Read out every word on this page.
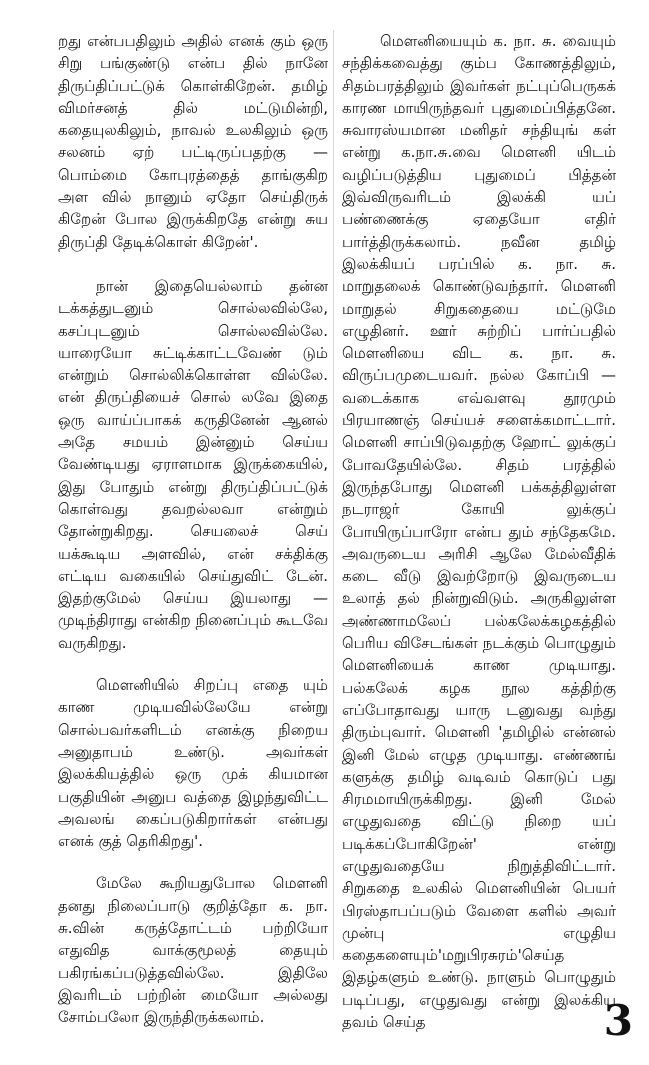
றது என்பபதிலும் அதில் எனக் கும் ஒரு சிறு பங்குண்டு என்ப தில் நானே திருப்திப்பட்டுக் கொள்கிறேன். தமிழ் விமர்சனத் தில் மட்டுமின்றி, கதையுலகிலும், நாவல் உலகிலும் ஒரு சலனம் ஏற் பட்டிருப்பதற்கு — பொம்மை கோபுரத்தைத் தாங்குகிற அள வில் நானும் ஏதோ செய்திருக் கிறேன் போல இருக்கிறதே என்று சுய திருப்தி தேடிக்கொள் கிறேன்'.

நான் இதையெல்லாம் தன்ன டக்கத்துடனும் சொல்லவில்லே, கசப்புடனும் சொல்லவில்லே. யாரையோ சுட்டிக்காட்டவேண் டும் என்றும் சொல்லிக்கொள்ள வில்லே. என் திருப்தியைச் சொல் லவே இதை ஒரு வாய்ப்பாகக் கருதினேன் ஆனல் அதே சமயம் இன்னும் செய்ய வேண்டியது ஏராளமாக இருக்கையில், இது போதும் என்று திருப்திப்பட்டுக் கொள்வது தவறல்லவா என்றும் தோன்றுகிறது. செயலைச் செய் யக்கூடிய அளவில், என் சக்திக்கு எட்டிய வகையில் செய்துவிட் டேன். இதற்குமேல் செய்ய இயலாது — முடிந்திராது என்கிற நினைப்பும் கூடவே வருகிறது.

மௌனியில் சிறப்பு எதை யும் காண முடியவில்லேயே என்று சொல்பவர்களிடம் எனக்கு நிறைய அனுதாபம் உண்டு. அவர்கள் இலக்கியத்தில் ஒரு முக் கியமான பகுதியின் அனுப வத்தை இழந்துவிட்ட அவலங் கைப்படுகிறார்கள் என்பது எனக் குத் தெரிகிறது'.

மேலே கூறியதுபோல மௌனி தனது நிலைப்பாடு குறித்தோ க. நா. சு.வின் கருத்தோட்டம் பற்றியோ எதுவித வாக்குமூலத் தையும் பகிரங்கப்படுத்தவில்லே. இதிலே இவரிடம் பற்றின் மையோ அல்லது சோம்பலோ இருந்திருக்கலாம்.

மௌனியையும் க. நா. சு. வையும் சந்திக்கவைத்து கும்ப கோணத்திலும், சிதம்பரத்திலும் இவர்கள் நட்புப்பெருகக் காரண மாயிருந்தவர் புதுமைப்பித்தனே. சுவாரஸ்யமான மனிதர் சந்தியுங் கள் என்று க.நா.சு.வை மௌனி யிடம் வழிப்படுத்திய புதுமைப் பித்தன் இவ்விருவரிடம் இலக்கி யப் பண்ணைக்கு ஏதையோ எதிர் பார்த்திருக்கலாம். நவீன தமிழ் இலக்கியப் பரப்பில் க. நா. சு. மாறுதலைக் கொண்டுவந்தார். மௌனி மாறுதல் சிறுகதையை மட்டுமே எழுதினர். ஊர் சுற்றிப் பார்ப்பதில் மௌனியை விட க. நா. சு. விருப்பமுடையவர். நல்ல கோப்பி — வடைக்காக எவ்வளவு தூரமும் பிரயாணஞ் செய்யச் சளைக்கமாட்டார். மௌனி சாப்பிடுவதற்கு ஹோட் லுக்குப் போவதேயில்லே. சிதம் பரத்தில் இருந்தபோது மௌனி பக்கத்திலுள்ள நடராஜர் கோயி லுக்குப் போயிருப்பாரோ என்ப தும் சந்தேகமே. அவருடைய அரிசி ஆலே மேல்வீதிக் கடை வீடு இவற்றோடு இவருடைய உலாத் தல் நின்றுவிடும். அருகிலுள்ள அண்ணாமலேப் பல்கலேக்கழகத்தில் பெரிய விசேடங்கள் நடக்கும் பொழுதும் மௌனியைக் காண முடியாது. பல்கலேக் கழக நூல கத்திற்கு எப்போதாவது யாரு டனுவது வந்து திரும்புவார். மௌனி 'தமிழில் என்னல் இனி மேல் எழுத முடியாது. எண்ணங் களுக்கு தமிழ் வடிவம் கொடுப் பது சிரமமாயிருக்கிறது. இனி மேல் எழுதுவதை விட்டு நிறை யப் படிக்கப்போகிறேன்' என்று எழுதுவதையே நிறுத்திவிட்டார். சிறுகதை உலகில் மௌனியின் பெயர் பிரஸ்தாபப்படும் வேளை களில் அவர் முன்பு எழுதிய கதைகளையும்'மறுபிரசுரம்'செய்த இதழ்களும் உண்டு. நாளும் பொழுதும் படிப்பது, எழுதுவது என்று இலக்கிய தவம் செய்த	3
